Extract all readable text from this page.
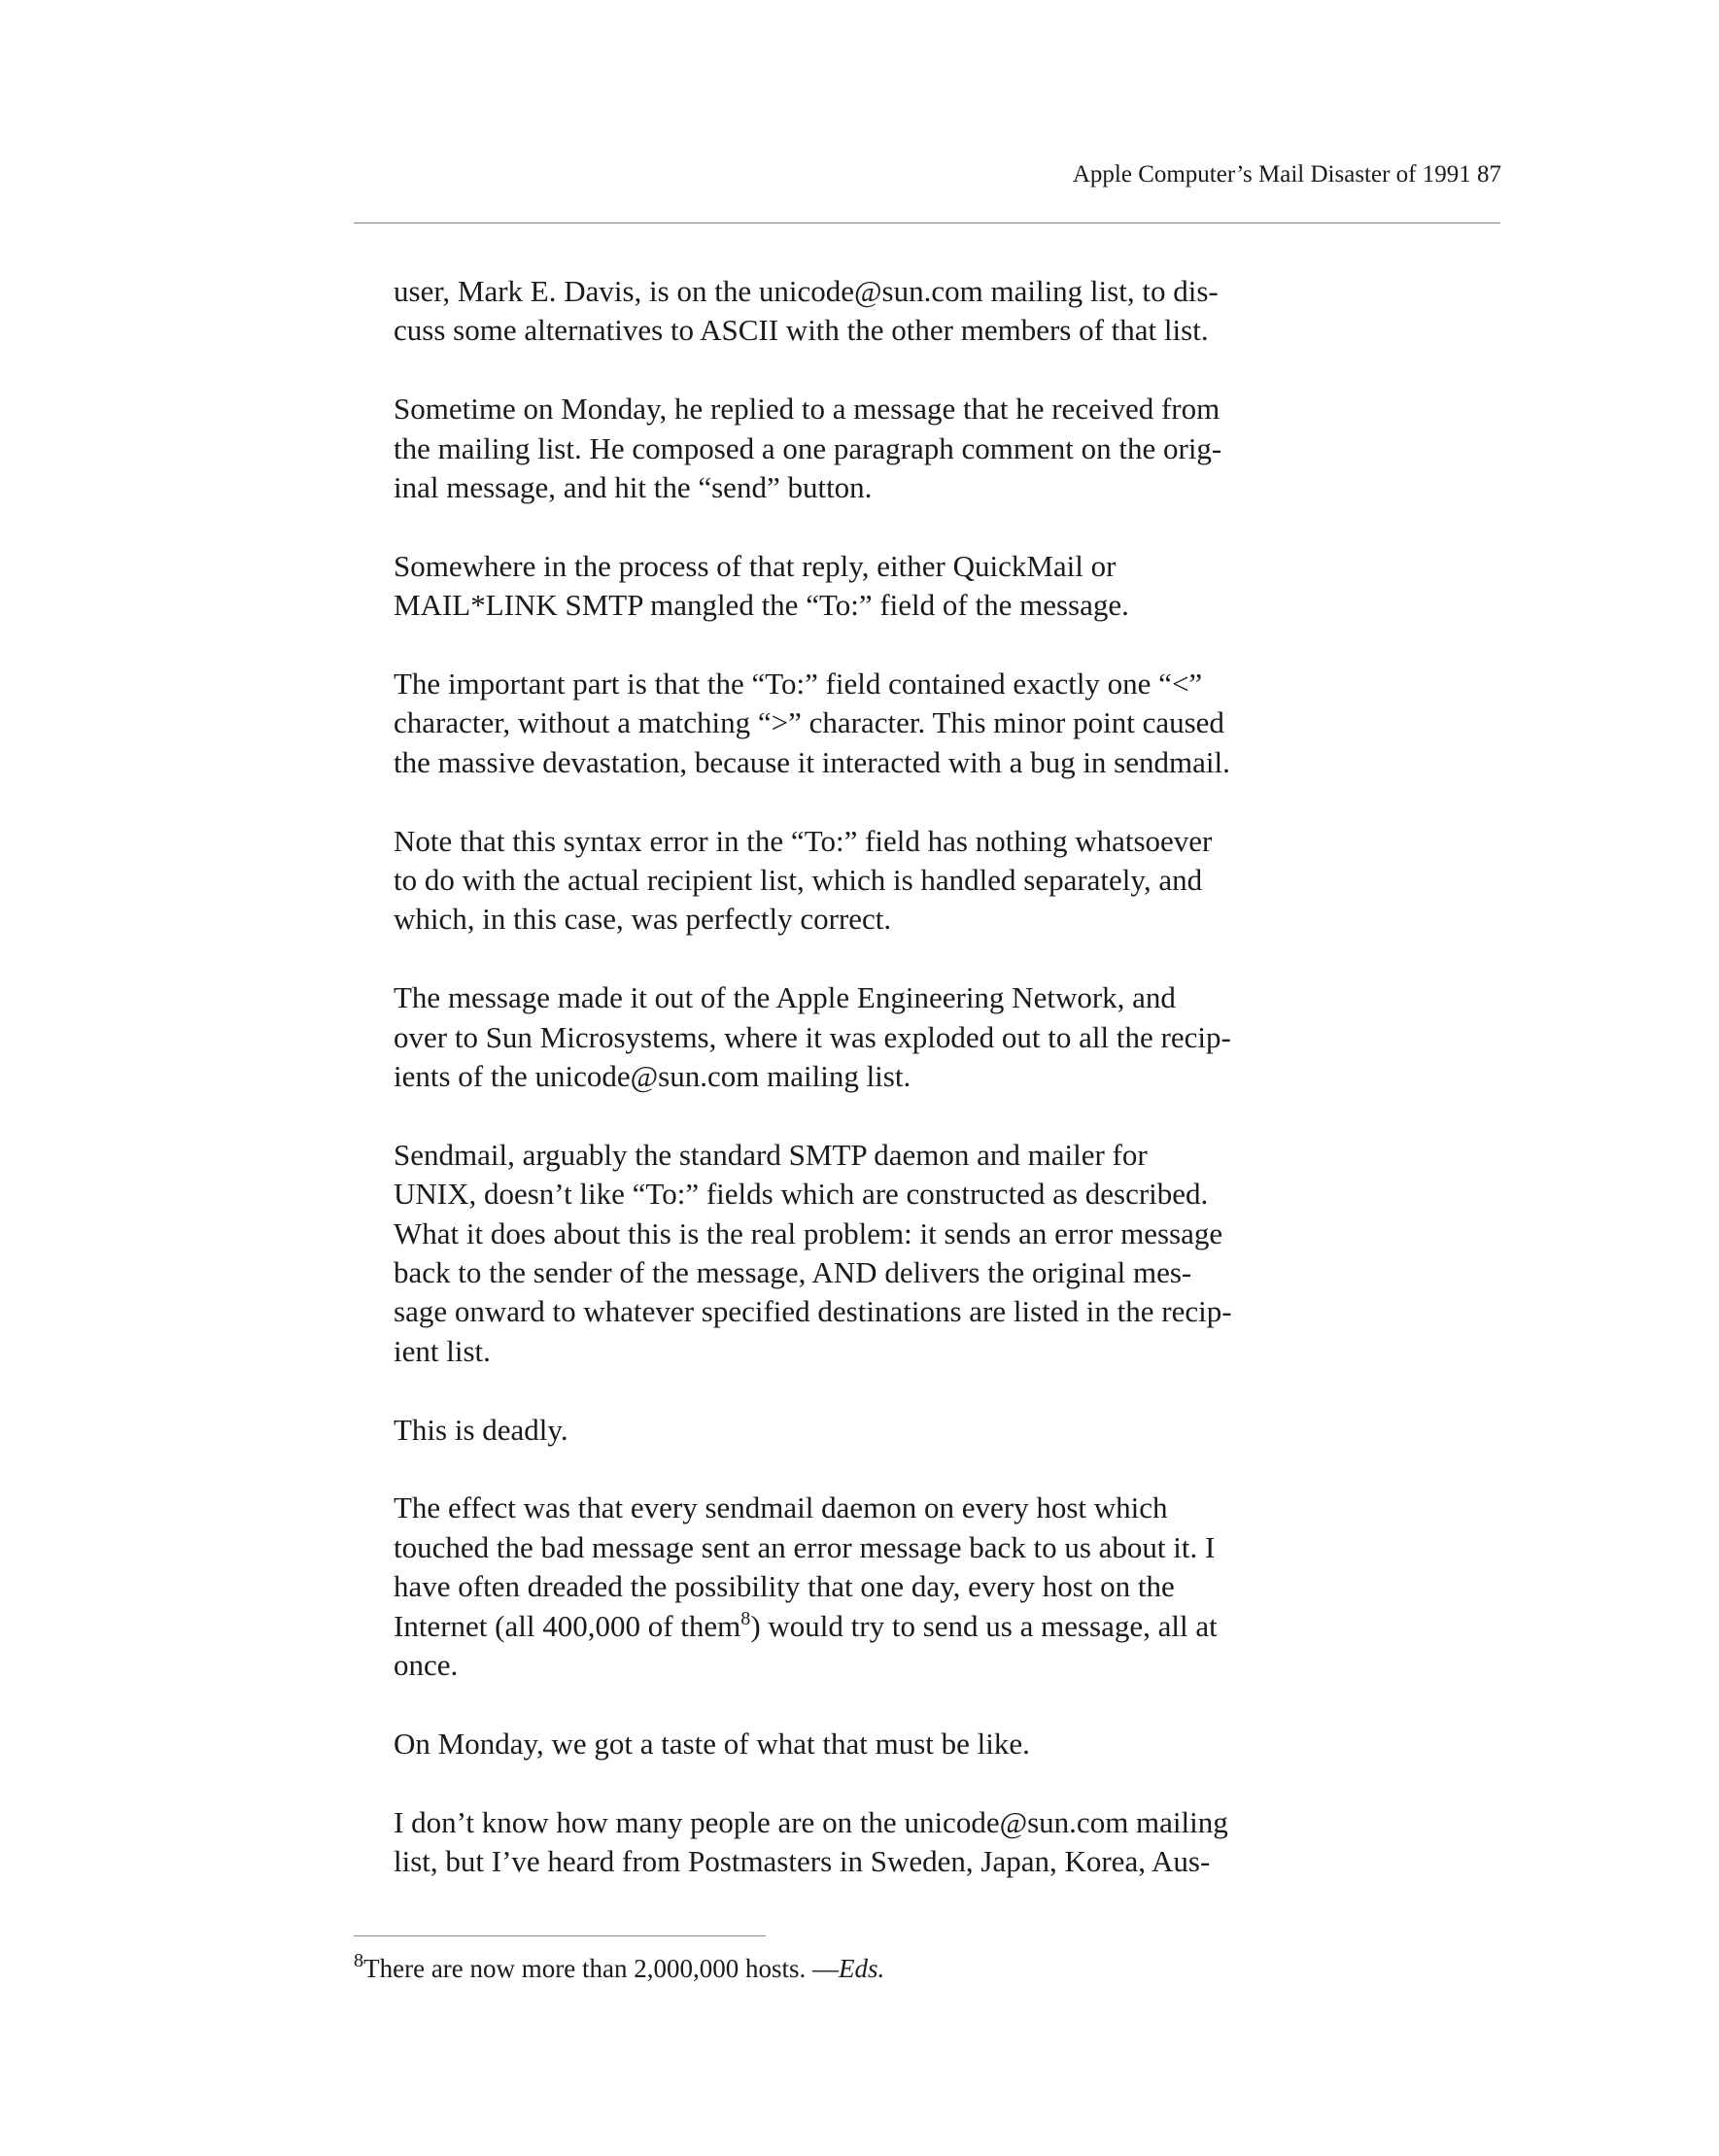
Apple Computer’s Mail Disaster of 1991 87

user, Mark E. Davis, is on the unicode@sun.com mailing list, to dis-
cuss some alternatives to ASCII with the other members of that list.

Sometime on Monday, he replied to a message that he received from
the mailing list. He composed a one paragraph comment on the orig-
inal message, and hit the “send” button.

Somewhere in the process of that reply, either QuickMail or
MAIL*LINK SMTP mangled the “To:” field of the message.

The important part is that the “To:” field contained exactly one “<”
character, without a matching “>” character. This minor point caused
the massive devastation, because it interacted with a bug in sendmail.

Note that this syntax error in the “To:” field has nothing whatsoever
to do with the actual recipient list, which is handled separately, and
which, in this case, was perfectly correct.

The message made it out of the Apple Engineering Network, and
over to Sun Microsystems, where it was exploded out to all the recip-
ients of the unicode@sun.com mailing list.

Sendmail, arguably the standard SMTP daemon and mailer for
UNIX, doesn’t like “To:” fields which are constructed as described.
What it does about this is the real problem: it sends an error message
back to the sender of the message, AND delivers the original mes-
sage onward to whatever specified destinations are listed in the recip-
ient list.

This is deadly.

The effect was that every sendmail daemon on every host which
touched the bad message sent an error message back to us about it. I
have often dreaded the possibility that one day, every host on the
Internet (all 400,000 of them$^8$) would try to send us a message, all at
once.

On Monday, we got a taste of what that must be like.

I don’t know how many people are on the unicode@sun.com mailing
list, but I’ve heard from Postmasters in Sweden, Japan, Korea, Aus-

$^8$There are now more than 2,000,000 hosts. —Eds.
